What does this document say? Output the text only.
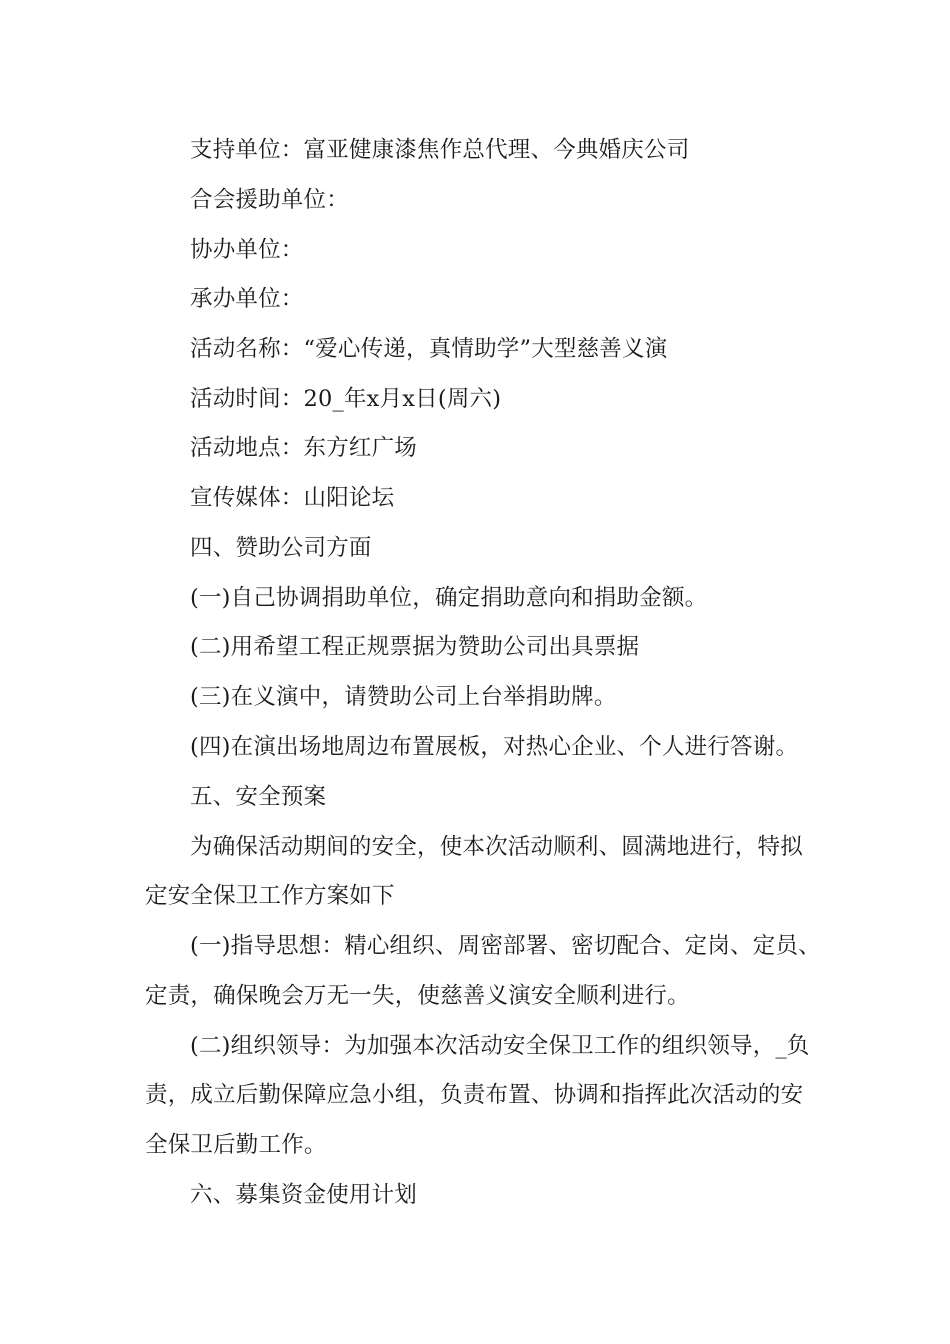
支持单位：富亚健康漆焦作总代理、今典婚庆公司
合会援助单位：
协办单位：
承办单位：
活动名称：“爱心传递，真情助学”大型慈善义演
活动时间：20_年x月x日(周六)
活动地点：东方红广场
宣传媒体：山阳论坛
四、赞助公司方面
(一)自己协调捐助单位，确定捐助意向和捐助金额。
(二)用希望工程正规票据为赞助公司出具票据
(三)在义演中，请赞助公司上台举捐助牌。
(四)在演出场地周边布置展板，对热心企业、个人进行答谢。
五、安全预案
为确保活动期间的安全，使本次活动顺利、圆满地进行，特拟
定安全保卫工作方案如下
(一)指导思想：精心组织、周密部署、密切配合、定岗、定员、
定责，确保晚会万无一失，使慈善义演安全顺利进行。
(二)组织领导：为加强本次活动安全保卫工作的组织领导，_负
责，成立后勤保障应急小组，负责布置、协调和指挥此次活动的安
全保卫后勤工作。
六、募集资金使用计划
